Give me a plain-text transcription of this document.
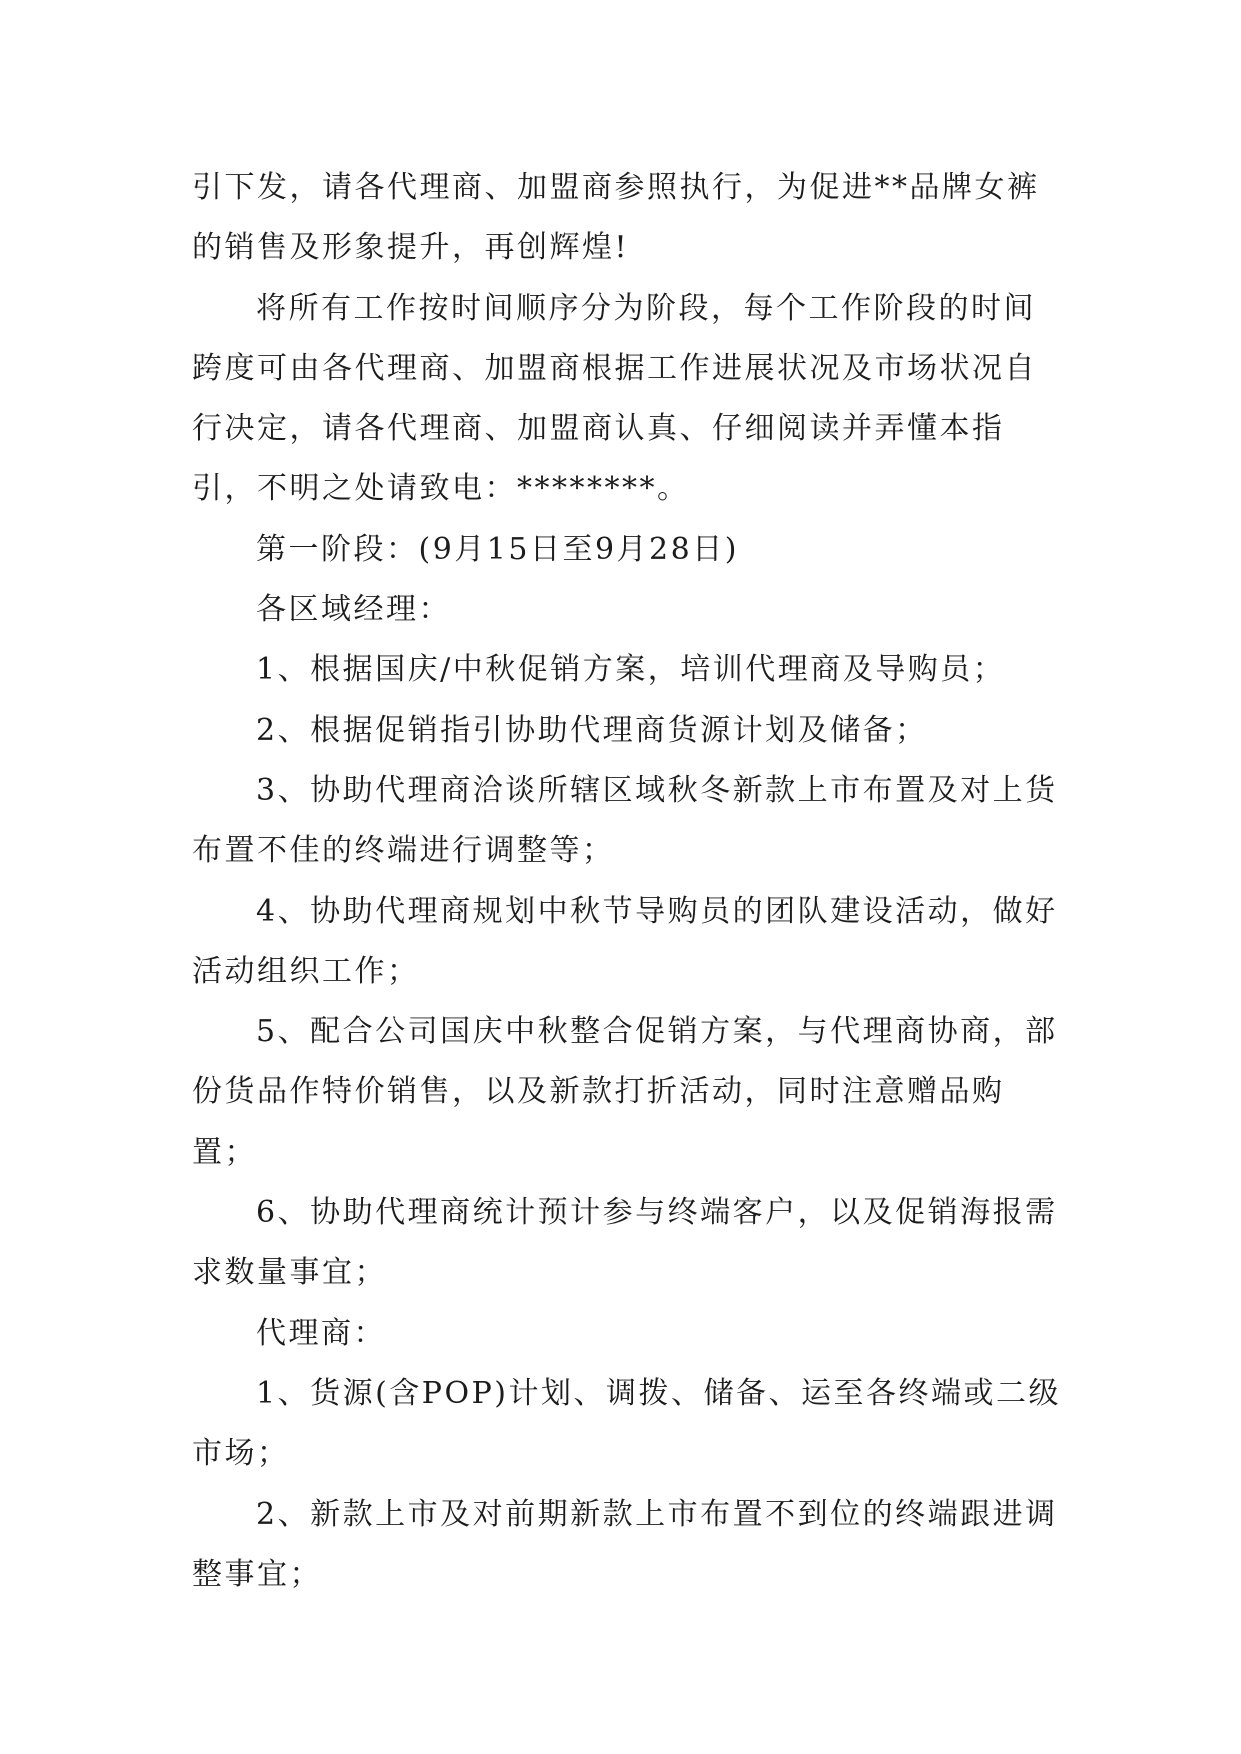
引下发，请各代理商、加盟商参照执行，为促进**品牌女裤的销售及形象提升，再创辉煌!

将所有工作按时间顺序分为阶段，每个工作阶段的时间跨度可由各代理商、加盟商根据工作进展状况及市场状况自行决定，请各代理商、加盟商认真、仔细阅读并弄懂本指引，不明之处请致电：********。

第一阶段：(9月15日至9月28日)

各区域经理：

1、根据国庆/中秋促销方案，培训代理商及导购员；

2、根据促销指引协助代理商货源计划及储备；

3、协助代理商洽谈所辖区域秋冬新款上市布置及对上货布置不佳的终端进行调整等；

4、协助代理商规划中秋节导购员的团队建设活动，做好活动组织工作；

5、配合公司国庆中秋整合促销方案，与代理商协商，部份货品作特价销售，以及新款打折活动，同时注意赠品购置；

6、协助代理商统计预计参与终端客户，以及促销海报需求数量事宜；

代理商：

1、货源(含POP)计划、调拨、储备、运至各终端或二级市场；

2、新款上市及对前期新款上市布置不到位的终端跟进调整事宜；
